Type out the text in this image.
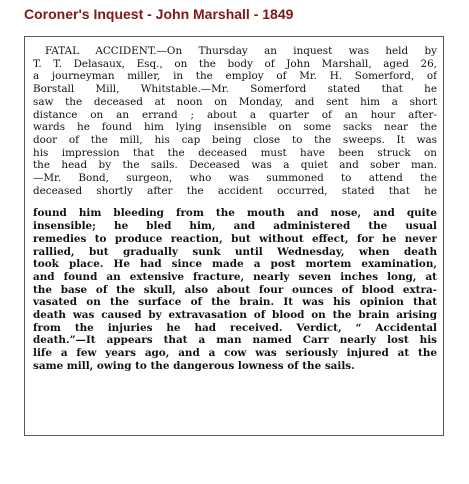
Coroner's Inquest - John Marshall - 1849
FATAL ACCIDENT.—On Thursday an inquest was held by
T. T. Delasaux, Esq., on the body of John Marshall, aged 26,
a journeyman miller, in the employ of Mr. H. Somerford, of
Borstall Mill, Whitstable.—Mr. Somerford stated that he
saw the deceased at noon on Monday, and sent him a short
distance on an errand ; about a quarter of an hour after-
wards he found him lying insensible on some sacks near the
door of the mill, his cap being close to the sweeps. It was
his impression that the deceased must have been struck on
the head by the sails. Deceased was a quiet and sober man.
—Mr. Bond, surgeon, who was summoned to attend the
deceased shortly after the accident occurred, stated that he
found him bleeding from the mouth and nose, and quite
insensible; he bled him, and administered the usual
remedies to produce reaction, but without effect, for he never
rallied, but gradually sunk until Wednesday, when death
took place. He had since made a post mortem examination,
and found an extensive fracture, nearly seven inches long, at
the base of the skull, also about four ounces of blood extra-
vasated on the surface of the brain. It was his opinion that
death was caused by extravasation of blood on the brain arising
from the injuries he had received. Verdict, “ Accidental
death.”—It appears that a man named Carr nearly lost his
life a few years ago, and a cow was seriously injured at the
same mill, owing to the dangerous lowness of the sails.
